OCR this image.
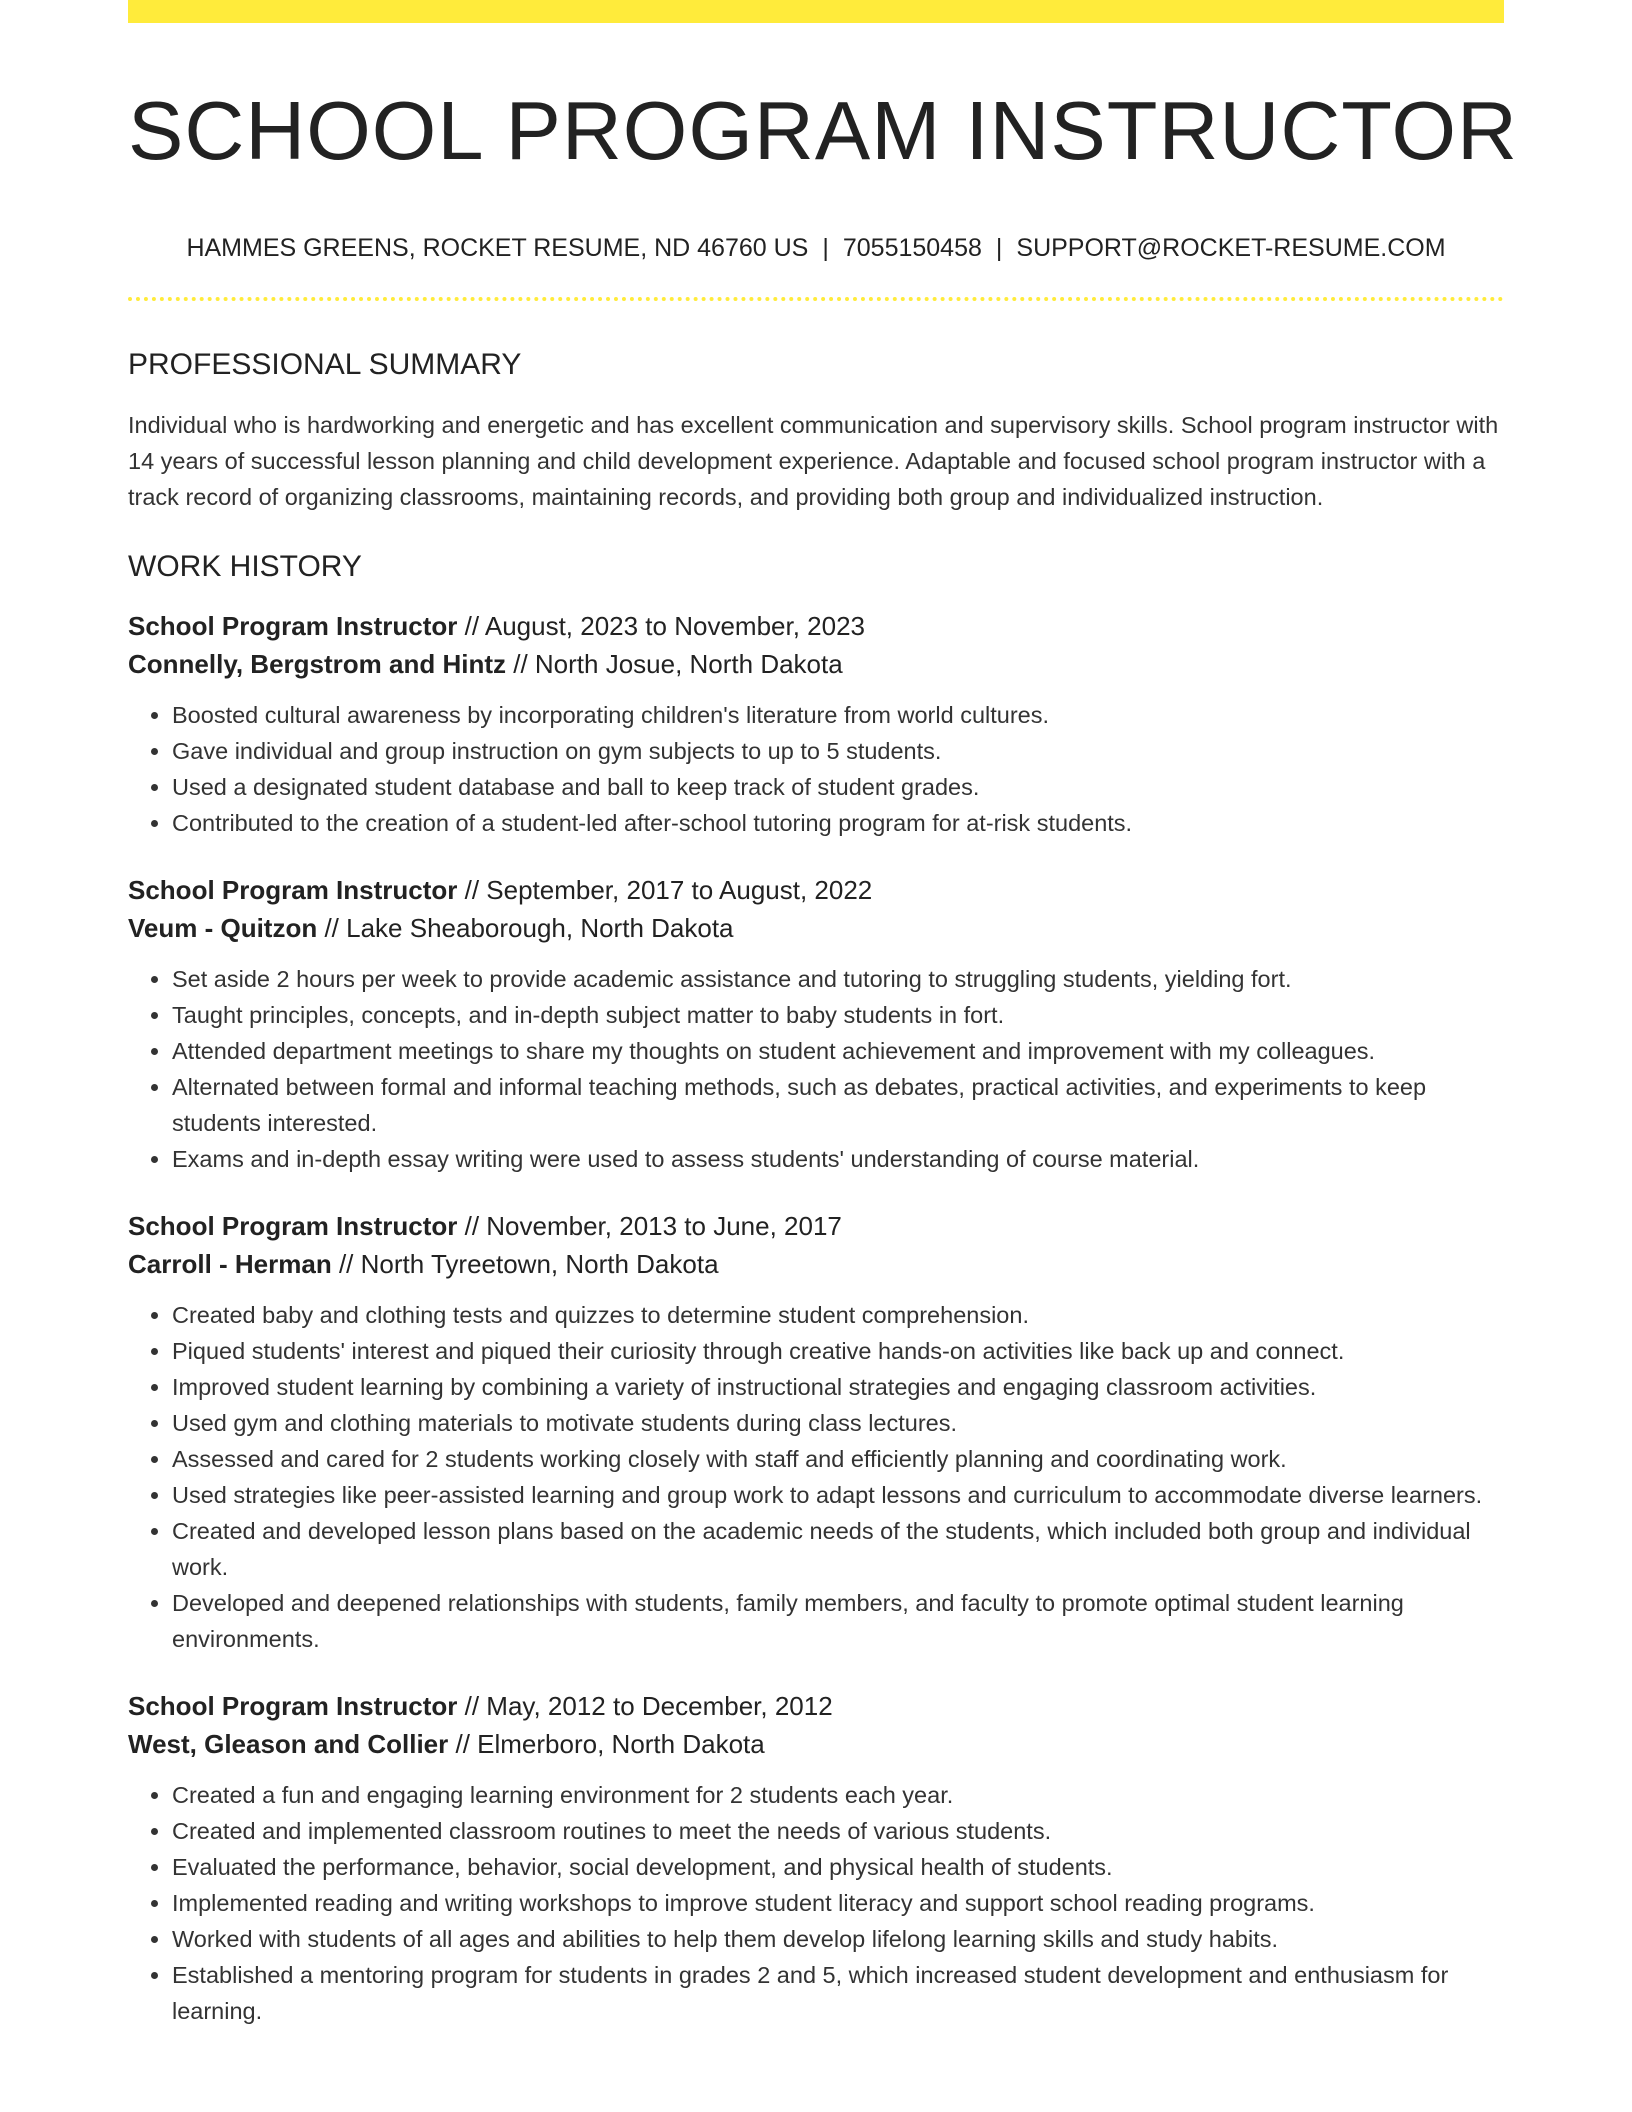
SCHOOL PROGRAM INSTRUCTOR
HAMMES GREENS, ROCKET RESUME, ND 46760 US | 7055150458 | SUPPORT@ROCKET-RESUME.COM
PROFESSIONAL SUMMARY

Individual who is hardworking and energetic and has excellent communication and supervisory skills. School program instructor with 14 years of successful lesson planning and child development experience. Adaptable and focused school program instructor with a track record of organizing classrooms, maintaining records, and providing both group and individualized instruction.

WORK HISTORY
School Program Instructor // August, 2023 to November, 2023
Connelly, Bergstrom and Hintz // North Josue, North Dakota
• Boosted cultural awareness by incorporating children's literature from world cultures.
• Gave individual and group instruction on gym subjects to up to 5 students.
• Used a designated student database and ball to keep track of student grades.
• Contributed to the creation of a student-led after-school tutoring program for at-risk students.
School Program Instructor // September, 2017 to August, 2022
Veum - Quitzon // Lake Sheaborough, North Dakota
• Set aside 2 hours per week to provide academic assistance and tutoring to struggling students, yielding fort.
• Taught principles, concepts, and in-depth subject matter to baby students in fort.
• Attended department meetings to share my thoughts on student achievement and improvement with my colleagues.
• Alternated between formal and informal teaching methods, such as debates, practical activities, and experiments to keep students interested.
• Exams and in-depth essay writing were used to assess students' understanding of course material.
School Program Instructor // November, 2013 to June, 2017
Carroll - Herman // North Tyreetown, North Dakota
• Created baby and clothing tests and quizzes to determine student comprehension.
• Piqued students' interest and piqued their curiosity through creative hands-on activities like back up and connect.
• Improved student learning by combining a variety of instructional strategies and engaging classroom activities.
• Used gym and clothing materials to motivate students during class lectures.
• Assessed and cared for 2 students working closely with staff and efficiently planning and coordinating work.
• Used strategies like peer-assisted learning and group work to adapt lessons and curriculum to accommodate diverse learners.
• Created and developed lesson plans based on the academic needs of the students, which included both group and individual work.
• Developed and deepened relationships with students, family members, and faculty to promote optimal student learning environments.
School Program Instructor // May, 2012 to December, 2012
West, Gleason and Collier // Elmerboro, North Dakota
• Created a fun and engaging learning environment for 2 students each year.
• Created and implemented classroom routines to meet the needs of various students.
• Evaluated the performance, behavior, social development, and physical health of students.
• Implemented reading and writing workshops to improve student literacy and support school reading programs.
• Worked with students of all ages and abilities to help them develop lifelong learning skills and study habits.
• Established a mentoring program for students in grades 2 and 5, which increased student development and enthusiasm for learning.
